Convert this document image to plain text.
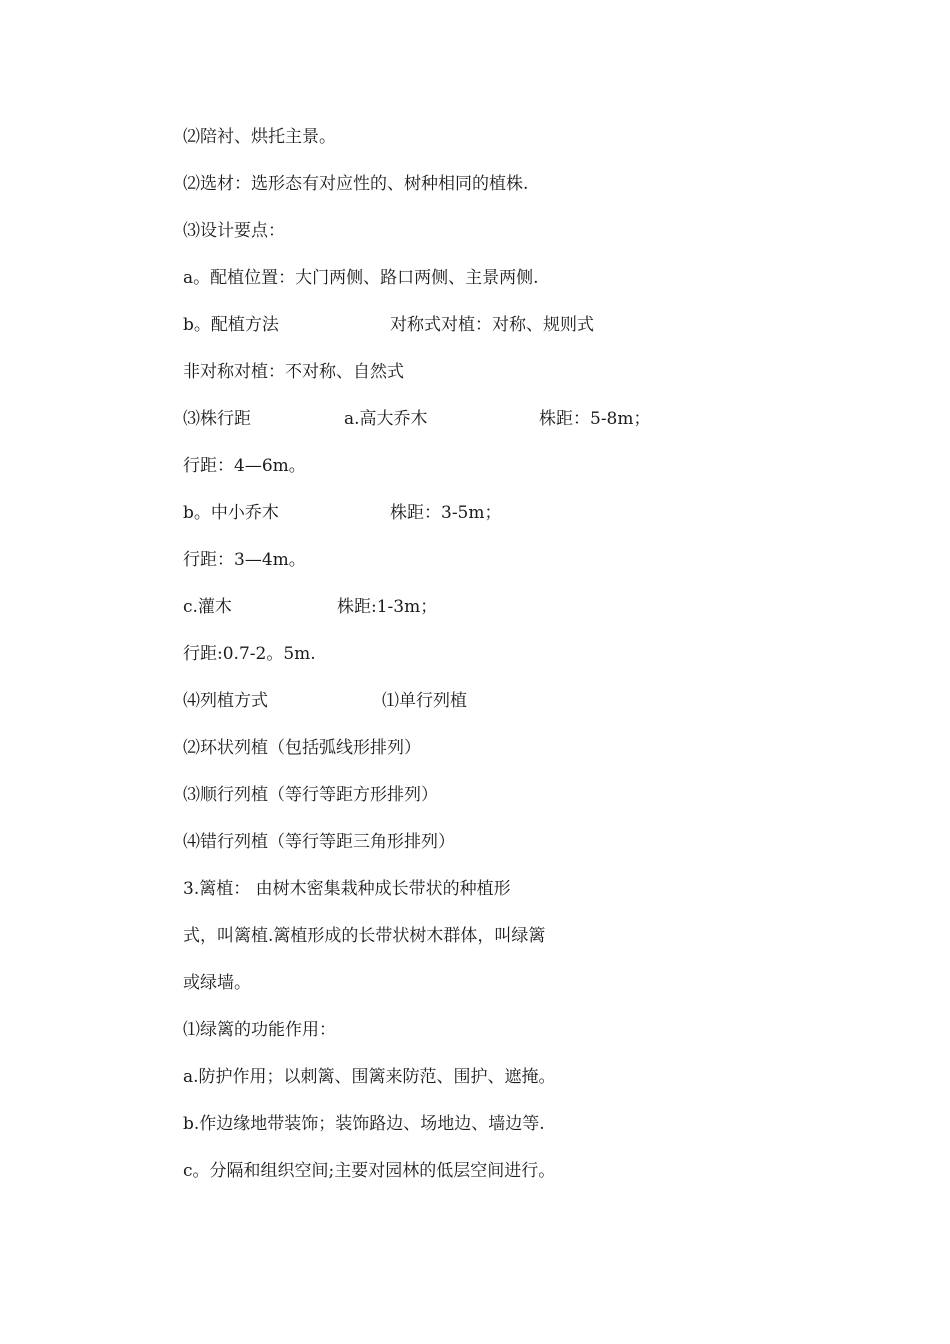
⑵陪衬、烘托主景。
⑵选材：选形态有对应性的、树种相同的植株.
⑶设计要点：
a。配植位置：大门两侧、路口两侧、主景两侧.
b。配植方法	对称式对植：对称、规则式
非对称对植：不对称、自然式
⑶株行距	a.高大乔木	株距：5-8m；
行距：4—6m。
b。中小乔木	株距：3-5m；
行距：3—4m。
c.灌木	株距:1-3m；
行距:0.7-2。5m.
⑷列植方式	⑴单行列植
⑵环状列植（包括弧线形排列）
⑶顺行列植（等行等距方形排列）
⑷错行列植（等行等距三角形排列）
3.篱植： 由树木密集栽种成长带状的种植形
式，叫篱植.篱植形成的长带状树木群体，叫绿篱
或绿墙。
⑴绿篱的功能作用：
a.防护作用；以刺篱、围篱来防范、围护、遮掩。
b.作边缘地带装饰；装饰路边、场地边、墙边等.
c。分隔和组织空间;主要对园林的低层空间进行。
